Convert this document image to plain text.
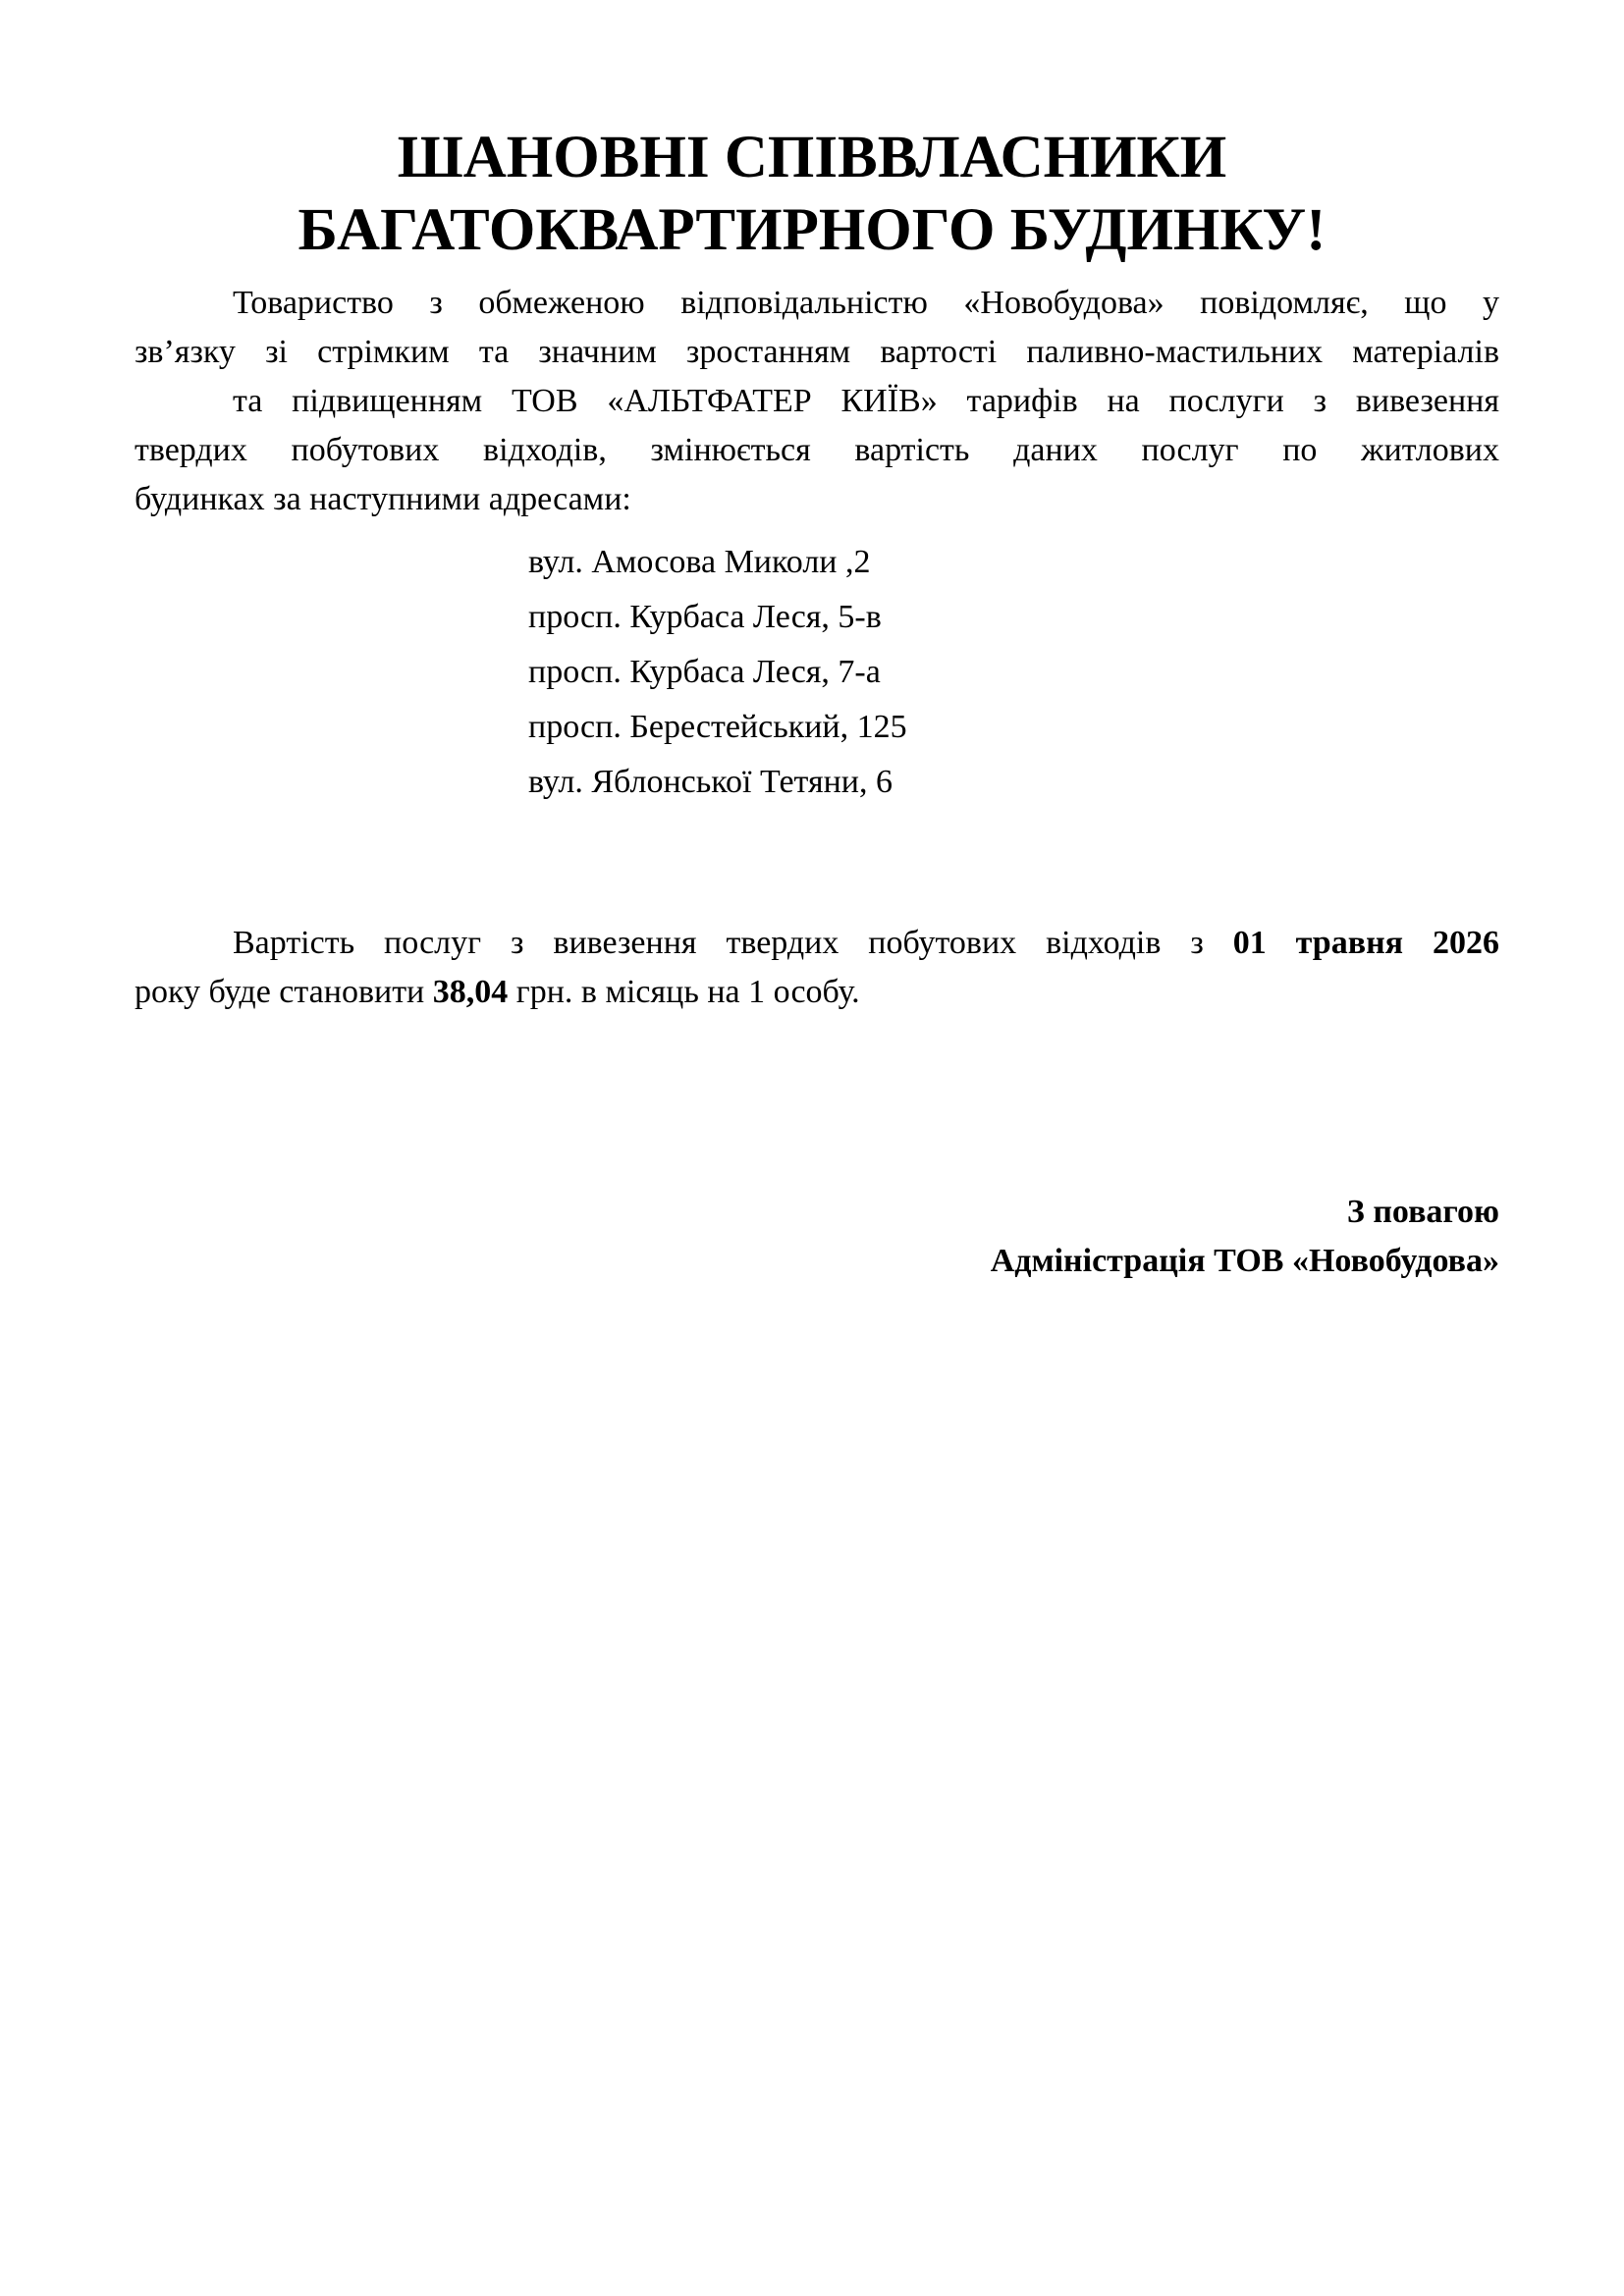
ШАНОВНІ СПІВВЛАСНИКИ
БАГАТОКВАРТИРНОГО БУДИНКУ!
Товариство з обмеженою відповідальністю «Новобудова» повідомляє, що у
зв’язку зі стрімким та значним зростанням вартості паливно-мастильних матеріалів
та підвищенням ТОВ «АЛЬТФАТЕР КИЇВ» тарифів на послуги з вивезення
твердих побутових відходів, змінюється вартість даних послуг по житлових
будинках за наступними адресами:
вул. Амосова Миколи ,2
просп. Курбаса Леся, 5-в
просп. Курбаса Леся, 7-а
просп. Берестейський, 125
вул. Яблонської Тетяни, 6
Вартість послуг з вивезення твердих побутових відходів з 01 травня 2026
року буде становити 38,04 грн. в місяць на 1 особу.
З повагою
Адміністрація ТОВ «Новобудова»
